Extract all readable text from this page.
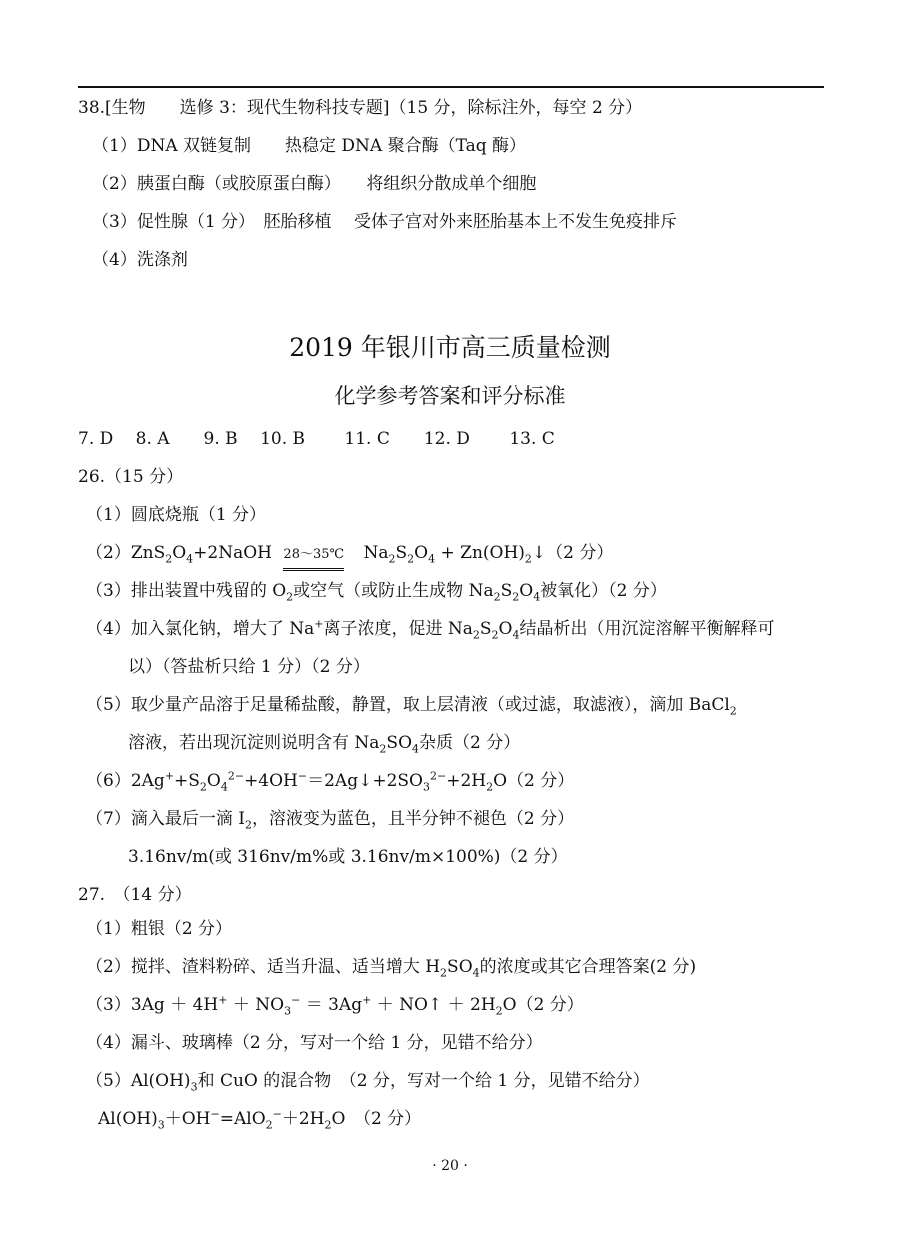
38.[生物　　选修 3：现代生物科技专题]（15 分，除标注外，每空 2 分）
（1）DNA 双链复制　　热稳定 DNA 聚合酶（Taq 酶）
（2）胰蛋白酶（或胶原蛋白酶）　　将组织分散成单个细胞
（3）促性腺（1 分）　胚胎移植　 受体子宫对外来胚胎基本上不发生免疫排斥
（4）洗涤剂
2019 年银川市高三质量检测
化学参考答案和评分标准
7. D　 8. A　　9. B　 10. B　　 11. C　　12. D　　 13. C
26.（15 分）
（1）圆底烧瓶（1 分）
$(2)ZnS_2O_4+2NaOH$ 28～35℃ $Na_2S_2O_4$ + $Zn(OH)_2↓(2$ 分）
（3）排出装置中残留的 $O_2$或空气（或防止生成物 $Na_2S_2O_4$被氧化）（2 分）
（4）加入氯化钠，增大了 Na+离子浓度，促进 $Na_2S_2O_4$结晶析出（用沉淀溶解平衡解释可
以）（答盐析只给 1 分）（2 分）
（5）取少量产品溶于足量稀盐酸，静置，取上层清液（或过滤，取滤液），滴加 BaCl$_2$
溶液，若出现沉淀则说明含有 $Na_2SO_4$杂质（2 分）
$(6)2Ag^++S_2O_4^{2-}+4OH^-=2Ag↓+2SO_3^{2-}+2H_2O(2$ 分）
（7）滴入最后一滴 $I_2$，溶液变为蓝色，且半分钟不褪色（2 分）
3.16nv/m(或 316nv/m%或 3.16nv/m×100%)（2 分）
27.　（14 分）
（1）粗银（2 分）
（2）搅拌、渣料粉碎、适当升温、适当增大 $H_2SO_4$的浓度或其它合理答案(2 分)
$(3)3Ag + 4H^+ + NO_3^- = 3Ag^+$ ＋ NO↑ ＋ $2H_2O(2$ 分）
（4）漏斗、玻璃棒（2 分，写对一个给 1 分，见错不给分）
$(5)Al(OH)_3$和 CuO 的混合物　（2 分，写对一个给 1 分，见错不给分）
$Al(OH)_3+OH^-=AlO_2^-+2H_2O$　（2 分）
· 20 ·
